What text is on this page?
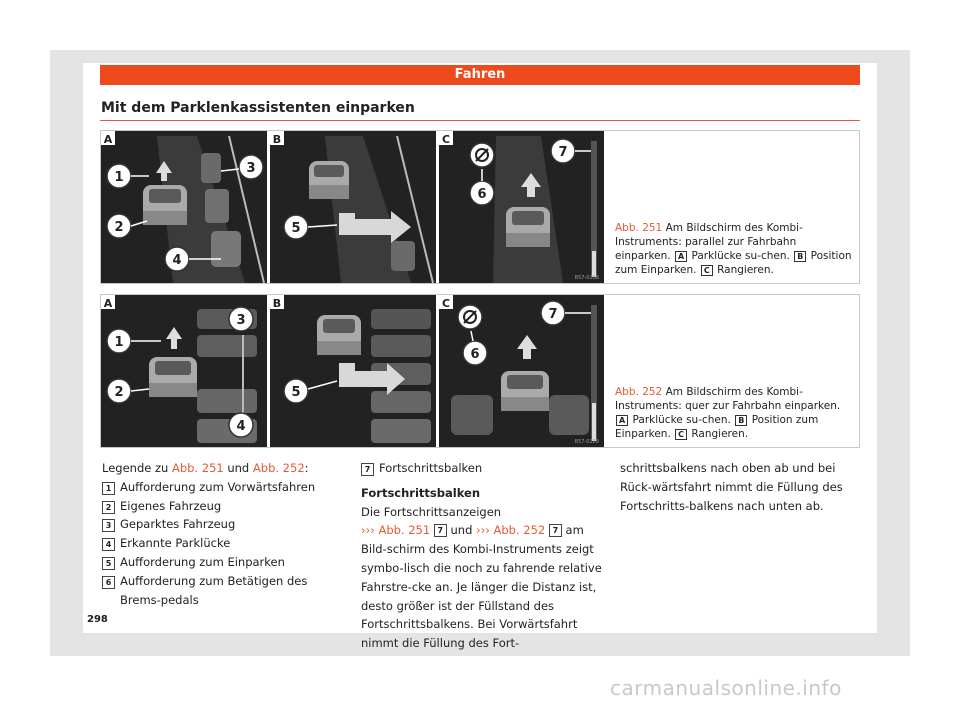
Fahren
Mit dem Parklenkassistenten einparken
1
2
3
4
A
5
B
6
7
C
B57-0288
Abb. 251 Am Bildschirm des Kombi-Instruments: parallel zur Fahrbahn einparken. A Parklücke su-chen. B Position zum Einparken. C Rangieren.
1
2
3
4
A
5
B
6
7
C
B57-0289
Abb. 252 Am Bildschirm des Kombi-Instruments: quer zur Fahrbahn einparken. A Parklücke su-chen. B Position zum Einparken. C Rangieren.
Legende zu Abb. 251 und Abb. 252:
1 Aufforderung zum Vorwärtsfahren
2 Eigenes Fahrzeug
3 Geparktes Fahrzeug
4 Erkannte Parklücke
5 Aufforderung zum Einparken
6 Aufforderung zum Betätigen des Brems-pedals
7 Fortschrittsbalken
Fortschrittsbalken
Die Fortschrittsanzeigen
››› Abb. 251 7 und ››› Abb. 252 7 am Bild-schirm des Kombi-Instruments zeigt symbo-lisch die noch zu fahrende relative Fahrstre-cke an. Je länger die Distanz ist, desto größer ist der Füllstand des Fortschrittsbalkens. Bei Vorwärtsfahrt nimmt die Füllung des Fort-
schrittsbalkens nach oben ab und bei Rück-wärtsfahrt nimmt die Füllung des Fortschritts-balkens nach unten ab.
298
carmanualsonline.info
